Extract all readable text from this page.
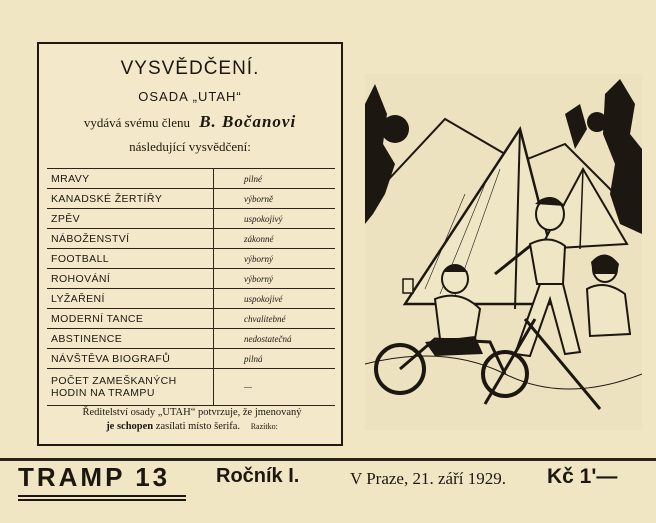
VYSVĚDČENÍ.
OSADA „UTAH“
vydává svému členu B. Bočanovi
následující vysvědčení:
MRAVY	pilné
KANADSKÉ ŽERTÍŘY	výborně
ZPĚV	uspokojivý
NÁBOŽENSTVÍ	zákonné
FOOTBALL	výborný
ROHOVÁNÍ	výborný
LYŽAŘENÍ	uspokojivé
MODERNÍ TANCE	chvalitebné
ABSTINENCE	nedostatečná
NÁVŠTĚVA BIOGRAFŮ	pilná
POČET ZAMEŠKANÝCH HODIN NA TRAMPU	—
Ředitelství osady „UTAH“ potvrzuje, že jmenovaný
je schopen zasílati místo šerifa. Razítko:
TRAMP 13 Ročník I.	V Praze, 21. září 1929. Kč 1'—
